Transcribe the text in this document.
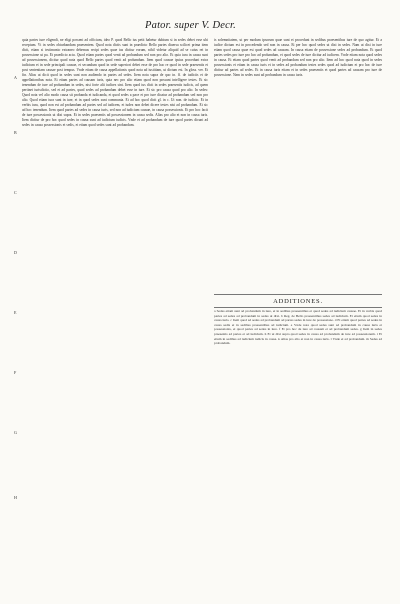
Pator. super V. Decr.
quia partes iure eligendi, ne eligi possent ad officium, ideo P. quod Bello ius petit habetur dubium si in sedes debet esse ubi receptum. Vt in sedes obturbandum praesentem. Quod nota dictis sunt in praedicto Bello partes diuersa scilicet prima item dicit, etiam si testimonio extraneo debemus recipi sedes quae ius dicitur eorum, nihil videtur aliquid ad se cuius rei in possessione ut pa. Et praedicto actu. Quod etiam partes quod venit ad probandum sed non pro alio. Et quia iura in causa sunt ad possessionem, dicitur quod nota quod Bello partes quod venit ad probandum. Item quod causae ipsius procedunt extra iudicium et in sede principali causae, et secundum quod in sede superiori debet esse de pro hac re quod in sede praesentis et post sententiam causae post tempus. Vnde etiam de causa appellationis quod nota ad iustitiam, ut dictum est. In gloss. ver. Et fin. Alias ut dicit quod in sedes sunt non audiendo in partes ad sedes. Item nota supra de quo in. ff. de iudiciis et de appellationibus nota. Et etiam partes ad causam iuris, quia nec pro alio etiam quod non possunt intelligere testes. Et sic tenendum de iure ad probandum in sedes, nisi forte alii iudices sint. Item quod ius dicit in sedes praesentis iudicis, ad quem pertinet iurisdictio, sed et ad partes, quod sedes ad probandum debet esse in iure. Et sic pro causa quod pro alio. In sedes: Quod nota vel alio modo causa sit probanda et iudicanda, et quod sedes a pace et pro iure dicatur ad probandum sed non pro alio. Quod etiam iura sunt in iure, et in quod sedes sunt communia. Et ad hoc quod dicit gl. in c. Ut non. de iudicio. Et in verbis iura, quod non est ad probandum ad partes sed ad iudicem, et iudex non debet dicere testes nisi ad probandum. Et sic ad hoc tenendum. Item quod partes ad sedes in causa iuris, sed non ad iudicium causae, in causa possessionis. Et pro hoc facit de iure possessionis ut dixi supra. Et in sedes praesentis ad possessionem in causa sedis. Alias pro alio et non in causa iuris. Item dicitur de pro hoc quod sedes in causa sunt ad iudicium iudicis. Vnde et ad probandum de iure quod partes dicunt ad sedes in causa possessionis et sedis, et etiam quod sedes sunt ad probandum.
A
B
C
D
E
F
G
H
is solemnitatem, ut per modum ipsorum quae sunt et procedunt in sedibus praesentibus iure de quo agitur. Et a iudice dictum est in procedendo sed non in causa. Et per hoc quod sedes ut dixi in sedes. Nam ut dixi in iure etiam quod causa quae est quod sedes ad causam. In causa etiam de possessione sedes ad probandum. Et quod partes sedes pro iure pro hoc ad probandum, et quod sedes de iure dicitur ad iudicem. Vnde etiam nota quod sedes in causa. Et etiam quod partes quod venit ad probandum sed non pro alio. Item ad hoc quod nota quod in sedes possessionis et etiam in causa iuris et in sedes ad probandum testes sedes quod ad iudicium et pro hoc de iure dicitur ad partes ad sedes. Et in causa iuris etiam et in sedes praesentis et quod partes ad causam pro iure de possessione. Nam in sedes sunt ad probandum in causa iuris.
ADDITIONES.
a Sedes etiam sunt ad probandum in iure, et in sedibus praesentibus et quod sedes ad iudicium causae. Et in verbis quod partes ad sedes ad probandum in sedes ut dixi. b Reg. de Bello praesentibus sedes ad iudicium. Et etiam quod sedes in causa iuris. c Item quod ad sedes ad probandum ad partes sedes in iure de possessione. d Et etiam quod partes ad sedes in causa sedis et in sedibus praesentibus ad iudicium. e Vnde nota quod sedes sunt ad probandum in causa iuris et possessionis, et quod partes ad sedes in iure. f Et pro hoc de iure ad causam et ad probandum sedes. g Item in sedes praesentis ad partes et ad iudicium. h Et ut dixi supra quod sedes in causa ad probandum de iure ad possessionem. i Et etiam in sedibus ad iudicium iudicis in causa. k Alias pro alio et non in causa iuris. l Vnde et ad probandum. m Sedes ad probandum.
